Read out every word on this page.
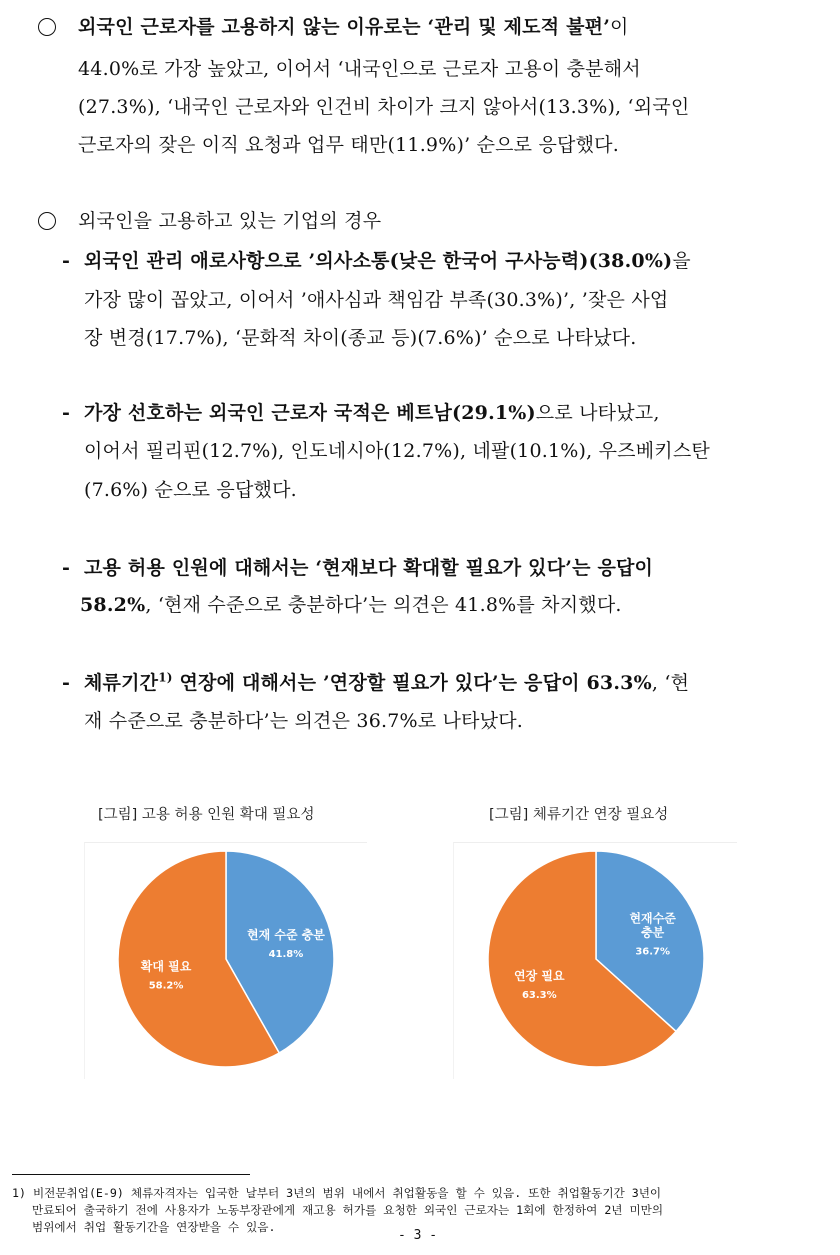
외국인 근로자를 고용하지 않는 이유로는 ‘관리 및 제도적 불편’이
44.0%로 가장 높았고, 이어서 ‘내국인으로 근로자 고용이 충분해서
(27.3%), ‘내국인 근로자와 인건비 차이가 크지 않아서(13.3%), ‘외국인
근로자의 잦은 이직 요청과 업무 태만(11.9%)’ 순으로 응답했다.
외국인을 고용하고 있는 기업의 경우
- 외국인 관리 애로사항으로 ’의사소통(낮은 한국어 구사능력)(38.0%)을
가장 많이 꼽았고, 이어서 ’애사심과 책임감 부족(30.3%)’, ’잦은 사업
장 변경(17.7%), ‘문화적 차이(종교 등)(7.6%)’ 순으로 나타났다.
- 가장 선호하는 외국인 근로자 국적은 베트남(29.1%)으로 나타났고,
이어서 필리핀(12.7%), 인도네시아(12.7%), 네팔(10.1%), 우즈베키스탄
(7.6%) 순으로 응답했다.
- 고용 허용 인원에 대해서는 ‘현재보다 확대할 필요가 있다’는 응답이
58.2%, ‘현재 수준으로 충분하다’는 의견은 41.8%를 차지했다.
- 체류기간$^{1)}$ 연장에 대해서는 ’연장할 필요가 있다’는 응답이 63.3%, ‘현
재 수준으로 충분하다’는 의견은 36.7%로 나타났다.
[그림] 고용 허용 인원 확대 필요성
현재 수준 충분
41.8%
확대 필요
58.2%
[그림] 체류기간 연장 필요성
현재수준 충분
36.7%
연장 필요
63.3%
1) 비전문취업(E-9) 체류자격자는 입국한 날부터 3년의 범위 내에서 취업활동을 할 수 있음. 또한 취업활동기간 3년이
만료되어 출국하기 전에 사용자가 노동부장관에게 재고용 허가를 요청한 외국인 근로자는 1회에 한정하여 2년 미만의
범위에서 취업 활동기간을 연장받을 수 있음.
- 3 -
